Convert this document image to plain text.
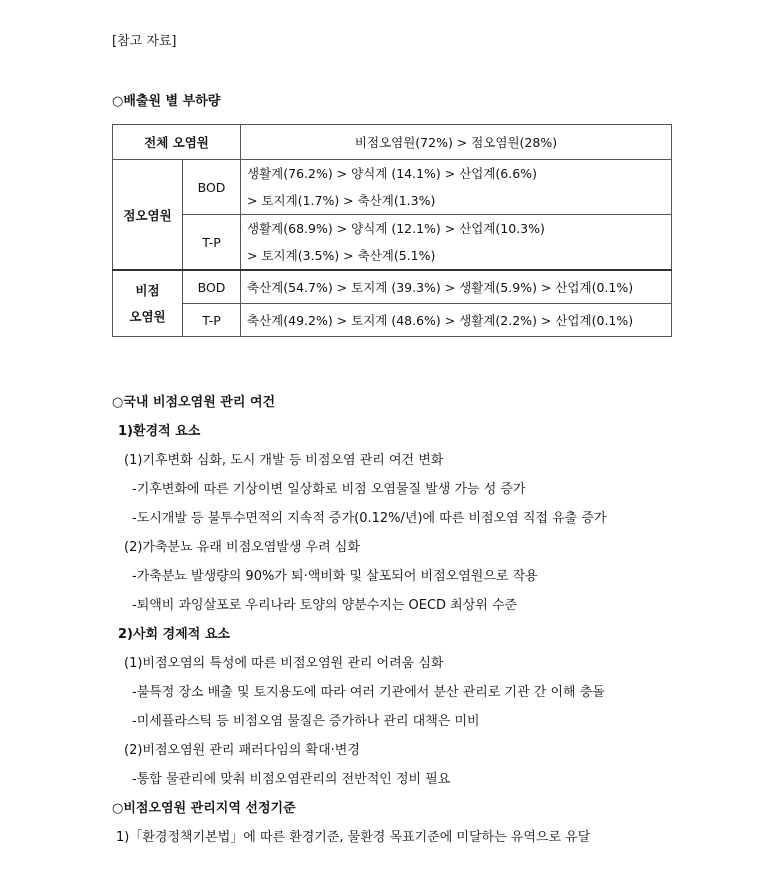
[참고 자료]
○배출원 별 부하량
전체 오염원		비점오염원(72%) > 점오염원(28%)
점오염원	BOD	생활계(76.2%) > 양식계 (14.1%) > 산업계(6.6%)
> 토지계(1.7%) > 축산계(1.3%)

	T-P	생활계(68.9%) > 양식계 (12.1%) > 산업계(10.3%)
> 토지계(3.5%) > 축산계(5.1%)

비점
오염원	BOD	축산계(54.7%) > 토지계 (39.3%) > 생활계(5.9%) > 산업계(0.1%)
	T-P	축산계(49.2%) > 토지계 (48.6%) > 생활계(2.2%) > 산업계(0.1%)
○국내 비점오염원 관리 여건
1)환경적 요소
(1)기후변화 심화, 도시 개발 등 비점오염 관리 여건 변화
-기후변화에 따른 기상이변 일상화로 비점 오염물질 발생 가능 성 증가
-도시개발 등 불투수면적의 지속적 증가(0.12%/년)에 따른 비점오염 직접 유출 증가
(2)가축분뇨 유래 비점오염발생 우려 심화
-가축분뇨 발생량의 90%가 퇴·액비화 및 살포되어 비점오염원으로 작용
-퇴액비 과잉살포로 우리나라 토양의 양분수지는 OECD 최상위 수준
2)사회 경제적 요소
(1)비점오염의 특성에 따른 비점오염원 관리 어려움 심화
-불특정 장소 배출 및 토지용도에 따라 여러 기관에서 분산 관리로 기관 간 이해 충돌
-미세플라스틱 등 비점오염 물질은 증가하나 관리 대책은 미비
(2)비점오염원 관리 패러다임의 확대·변경
-통합 물관리에 맞춰 비점오염관리의 전반적인 정비 필요
○비점오염원 관리지역 선정기준
1)「환경정책기본법」에 따른 환경기준, 물환경 목표기준에 미달하는 유역으로 유달
